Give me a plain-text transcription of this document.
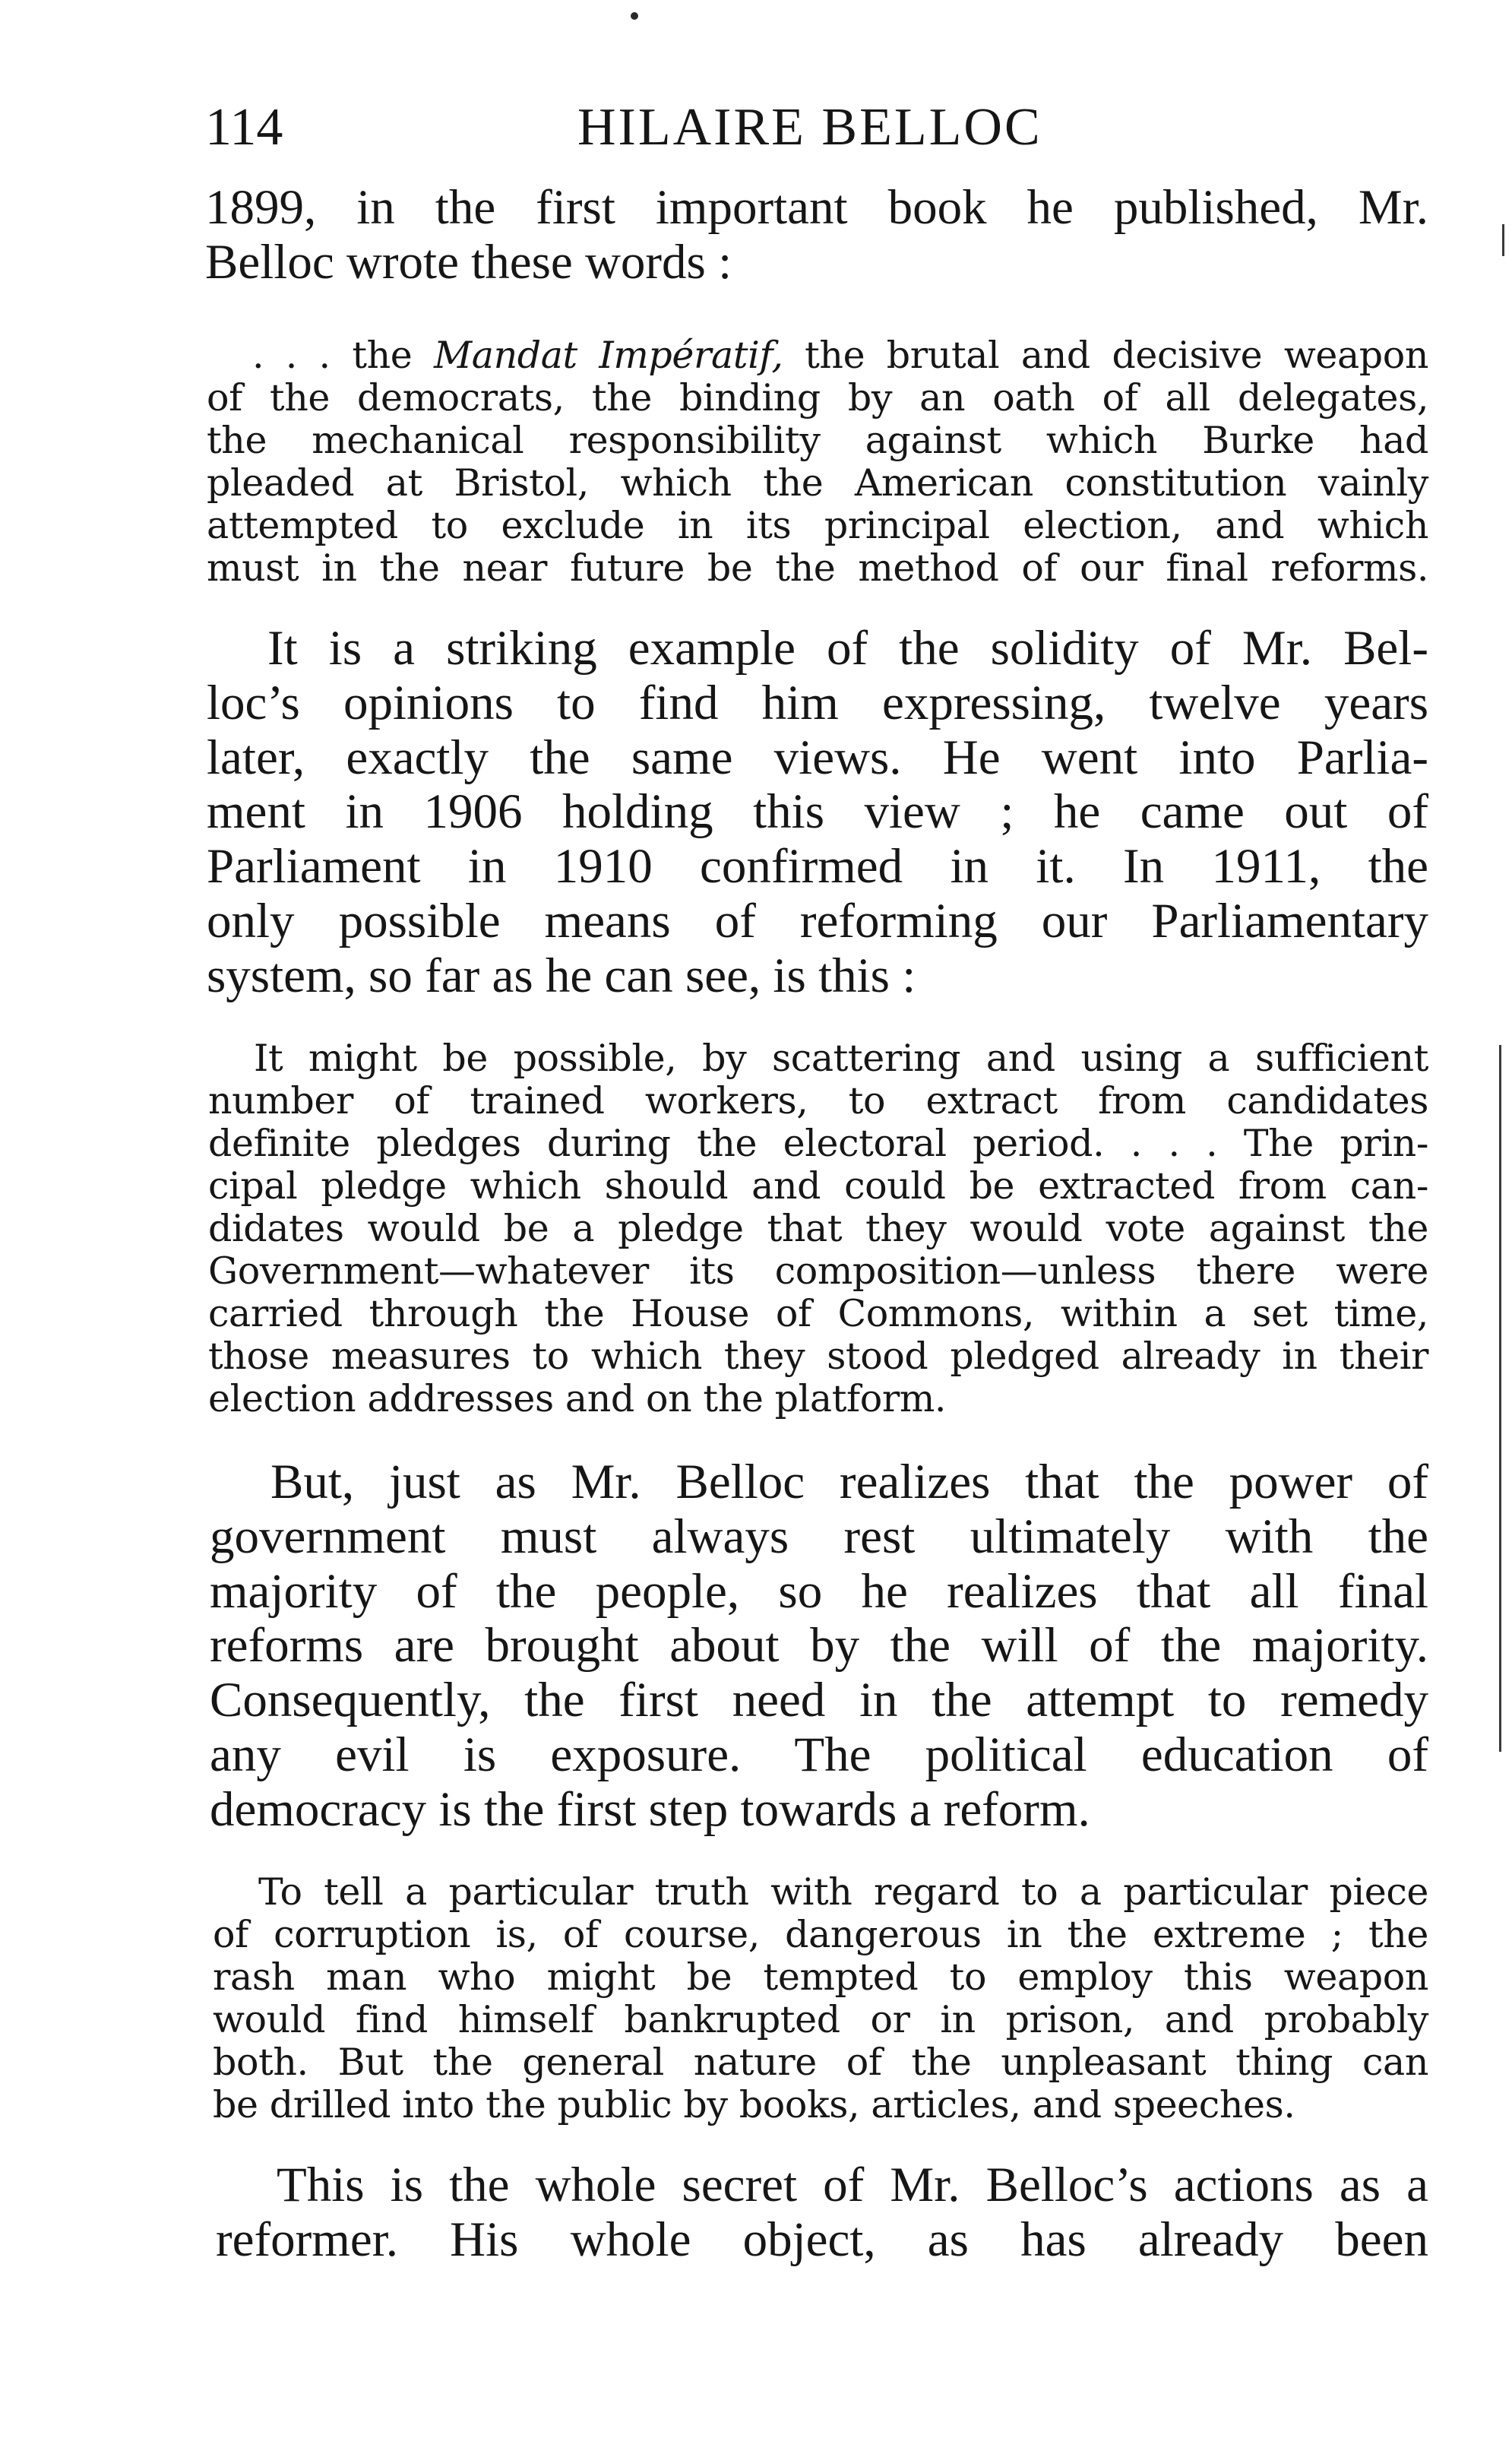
114	HILAIRE BELLOC
1899, in the first important book he published, Mr.
Belloc wrote these words :
. . . the Mandat Impératif, the brutal and decisive weapon
of the democrats, the binding by an oath of all delegates,
the mechanical responsibility against which Burke had
pleaded at Bristol, which the American constitution vainly
attempted to exclude in its principal election, and which
must in the near future be the method of our final reforms.
It is a striking example of the solidity of Mr. Bel-
loc’s opinions to find him expressing, twelve years
later, exactly the same views. He went into Parlia-
ment in 1906 holding this view ; he came out of
Parliament in 1910 confirmed in it. In 1911, the
only possible means of reforming our Parliamentary
system, so far as he can see, is this :
It might be possible, by scattering and using a sufficient
number of trained workers, to extract from candidates
definite pledges during the electoral period. . . . The prin-
cipal pledge which should and could be extracted from can-
didates would be a pledge that they would vote against the
Government—whatever its composition—unless there were
carried through the House of Commons, within a set time,
those measures to which they stood pledged already in their
election addresses and on the platform.
But, just as Mr. Belloc realizes that the power of
government must always rest ultimately with the
majority of the people, so he realizes that all final
reforms are brought about by the will of the majority.
Consequently, the first need in the attempt to remedy
any evil is exposure. The political education of
democracy is the first step towards a reform.
To tell a particular truth with regard to a particular piece
of corruption is, of course, dangerous in the extreme ; the
rash man who might be tempted to employ this weapon
would find himself bankrupted or in prison, and probably
both. But the general nature of the unpleasant thing can
be drilled into the public by books, articles, and speeches.
This is the whole secret of Mr. Belloc’s actions as a
reformer. His whole object, as has already been
